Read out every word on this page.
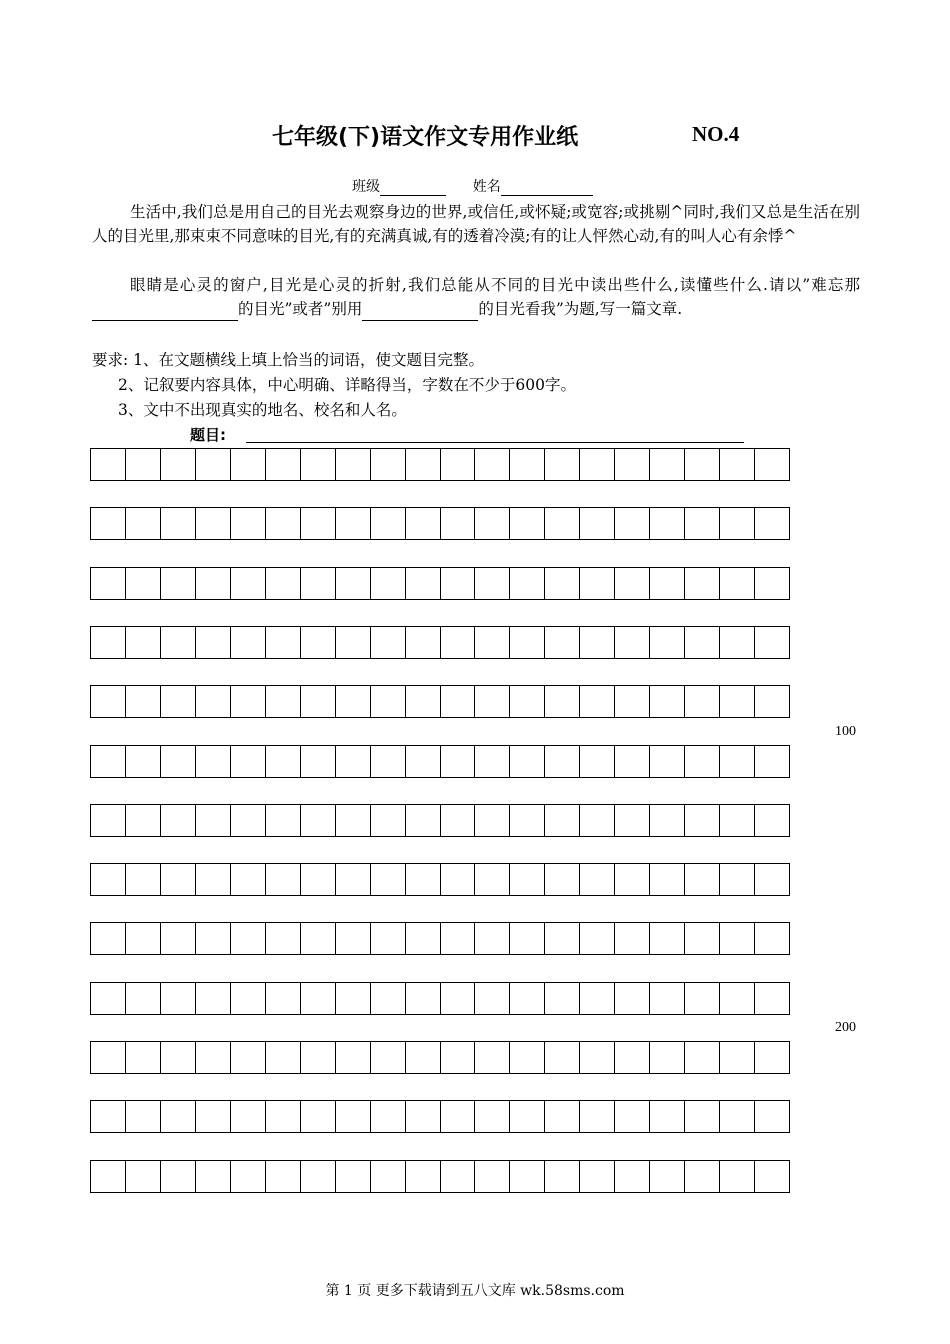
七年级(下)语文作文专用作业纸	NO.4
班级	姓名
生活中,我们总是用自己的目光去观察身边的世界,或信任,或怀疑;或宽容;或挑剔^同时,我们又总是生活在别人的目光里,那束束不同意味的目光,有的充满真诚,有的透着冷漠;有的让人怦然心动,有的叫人心有余悸^
眼睛是心灵的窗户,目光是心灵的折射,我们总能从不同的目光中读出些什么,读懂些什么.请以”难忘那的目光”或者”别用	的目光看我”为题,写一篇文章.
要求: 1、在文题横线上填上恰当的词语，使文题目完整。
2、记叙要内容具体，中心明确、详略得当，字数在不少于600字。
3、文中不出现真实的地名、校名和人名。
题目:
100
200
第 1 页 更多下载请到五八文库 wk.58sms.com
